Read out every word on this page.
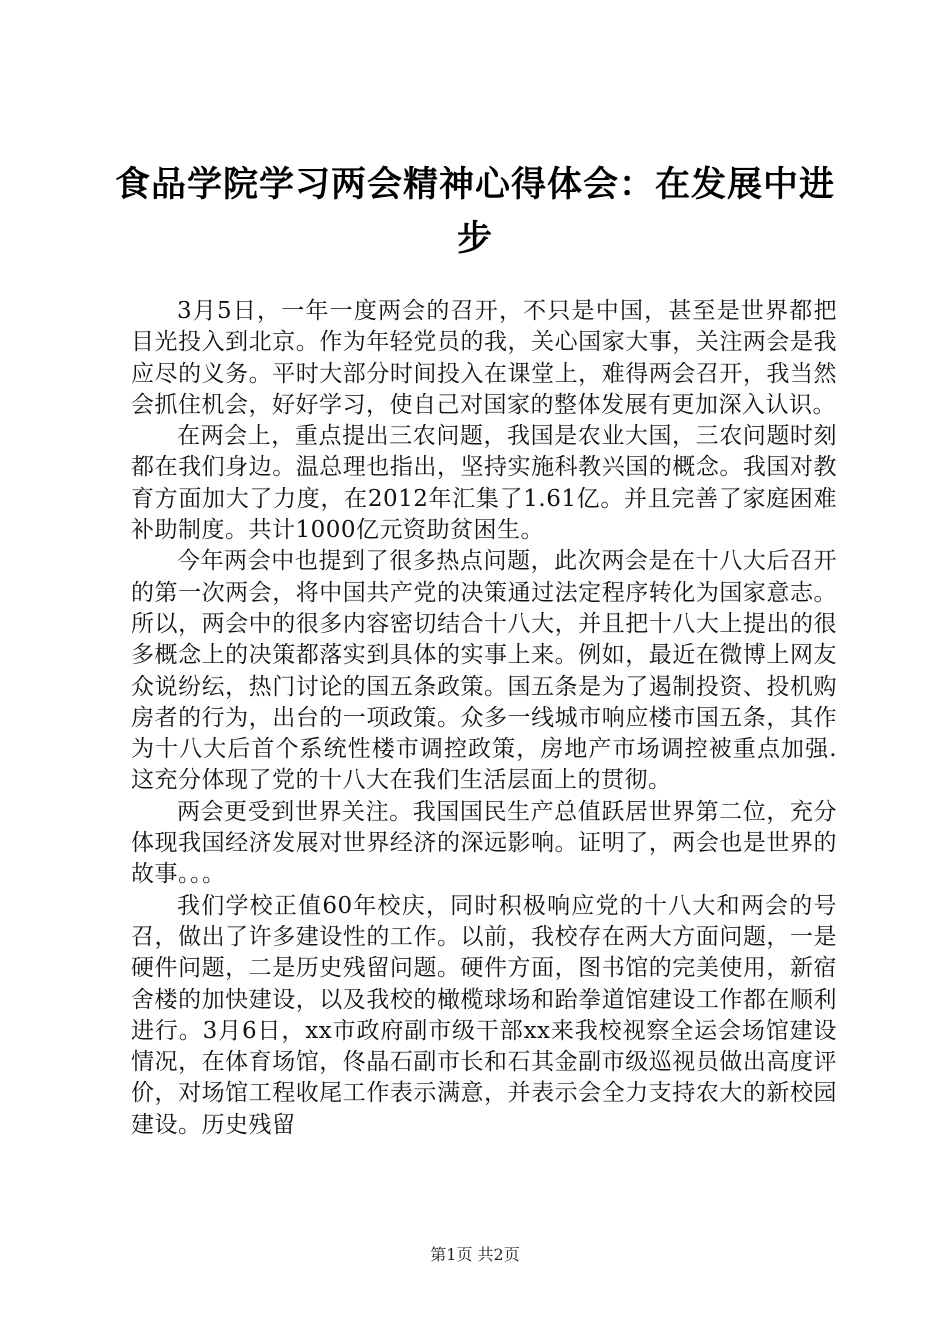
食品学院学习两会精神心得体会：在发展中进步

3月5日，一年一度两会的召开，不只是中国，甚至是世界都把目光投入到北京。作为年轻党员的我，关心国家大事，关注两会是我应尽的义务。平时大部分时间投入在课堂上，难得两会召开，我当然会抓住机会，好好学习，使自己对国家的整体发展有更加深入认识。

在两会上，重点提出三农问题，我国是农业大国，三农问题时刻都在我们身边。温总理也指出，坚持实施科教兴国的概念。我国对教育方面加大了力度，在2012年汇集了1.61亿。并且完善了家庭困难补助制度。共计1000亿元资助贫困生。

今年两会中也提到了很多热点问题，此次两会是在十八大后召开的第一次两会，将中国共产党的决策通过法定程序转化为国家意志。所以，两会中的很多内容密切结合十八大，并且把十八大上提出的很多概念上的决策都落实到具体的实事上来。例如，最近在微博上网友众说纷纭，热门讨论的国五条政策。国五条是为了遏制投资、投机购房者的行为，出台的一项政策。众多一线城市响应楼市国五条，其作为十八大后首个系统性楼市调控政策，房地产市场调控被重点加强.这充分体现了党的十八大在我们生活层面上的贯彻。

两会更受到世界关注。我国国民生产总值跃居世界第二位，充分体现我国经济发展对世界经济的深远影响。证明了，两会也是世界的故事。。。

我们学校正值60年校庆，同时积极响应党的十八大和两会的号召，做出了许多建设性的工作。以前，我校存在两大方面问题，一是硬件问题，二是历史残留问题。硬件方面，图书馆的完美使用，新宿舍楼的加快建设，以及我校的橄榄球场和跆拳道馆建设工作都在顺利进行。3月6日，xx市政府副市级干部xx来我校视察全运会场馆建设情况，在体育场馆，佟晶石副市长和石其金副市级巡视员做出高度评价，对场馆工程收尾工作表示满意，并表示会全力支持农大的新校园建设。历史残留

第1页 共2页
